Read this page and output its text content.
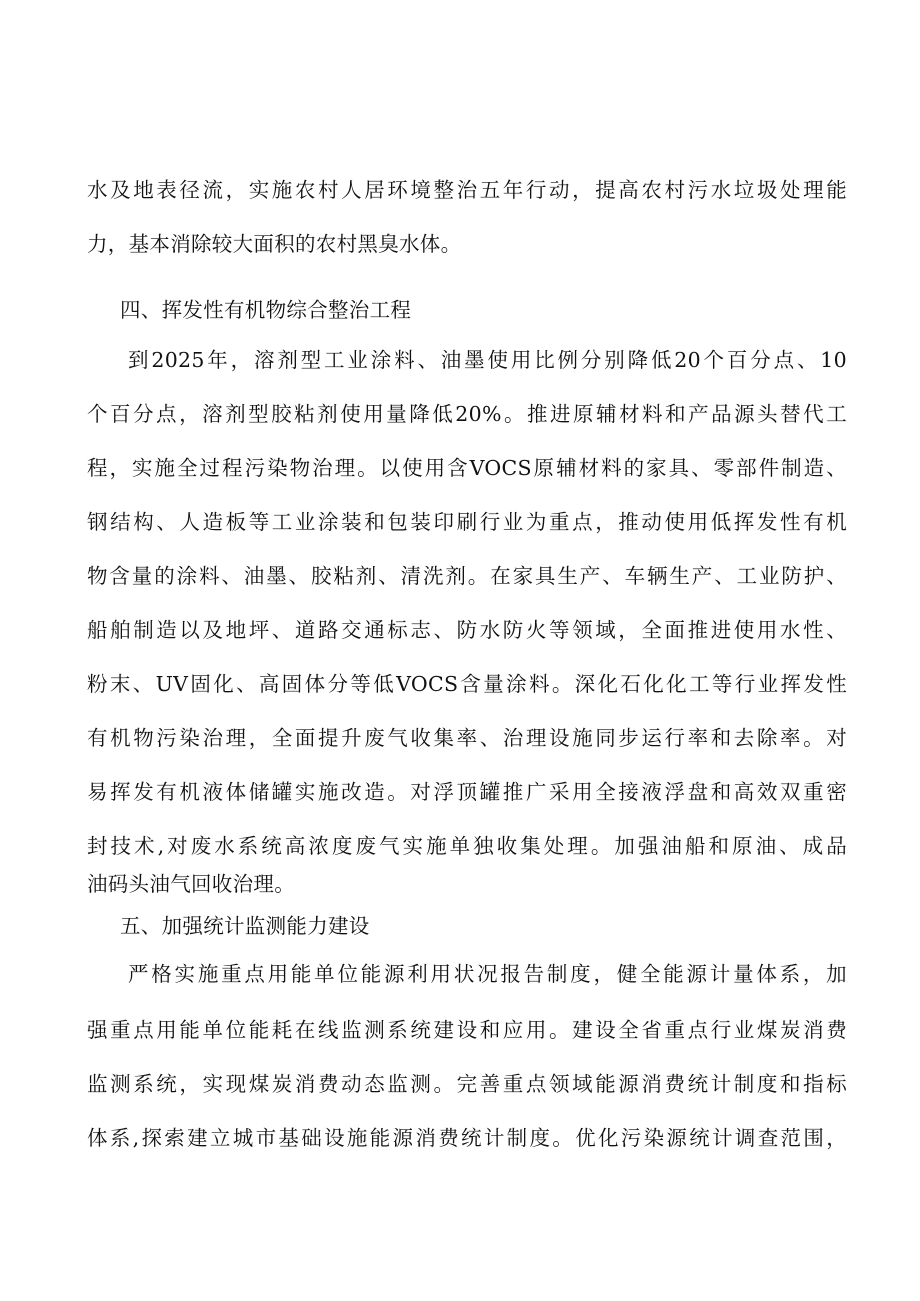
水及地表径流，实施农村人居环境整治五年行动，提高农村污水垃圾处理能
力，基本消除较大面积的农村黑臭水体。
四、挥发性有机物综合整治工程
到2025年，溶剂型工业涂料、油墨使用比例分别降低20个百分点、10
个百分点，溶剂型胶粘剂使用量降低20%。推进原辅材料和产品源头替代工
程，实施全过程污染物治理。以使用含VOCS原辅材料的家具、零部件制造、
钢结构、人造板等工业涂装和包装印刷行业为重点，推动使用低挥发性有机
物含量的涂料、油墨、胶粘剂、清洗剂。在家具生产、车辆生产、工业防护、
船舶制造以及地坪、道路交通标志、防水防火等领域，全面推进使用水性、
粉末、UV固化、高固体分等低VOCS含量涂料。深化石化化工等行业挥发性
有机物污染治理，全面提升废气收集率、治理设施同步运行率和去除率。对
易挥发有机液体储罐实施改造。对浮顶罐推广采用全接液浮盘和高效双重密
封技术,对废水系统高浓度废气实施单独收集处理。加强油船和原油、成品
油码头油气回收治理。
五、加强统计监测能力建设
严格实施重点用能单位能源利用状况报告制度，健全能源计量体系，加
强重点用能单位能耗在线监测系统建设和应用。建设全省重点行业煤炭消费
监测系统，实现煤炭消费动态监测。完善重点领域能源消费统计制度和指标
体系,探索建立城市基础设施能源消费统计制度。优化污染源统计调查范围，
